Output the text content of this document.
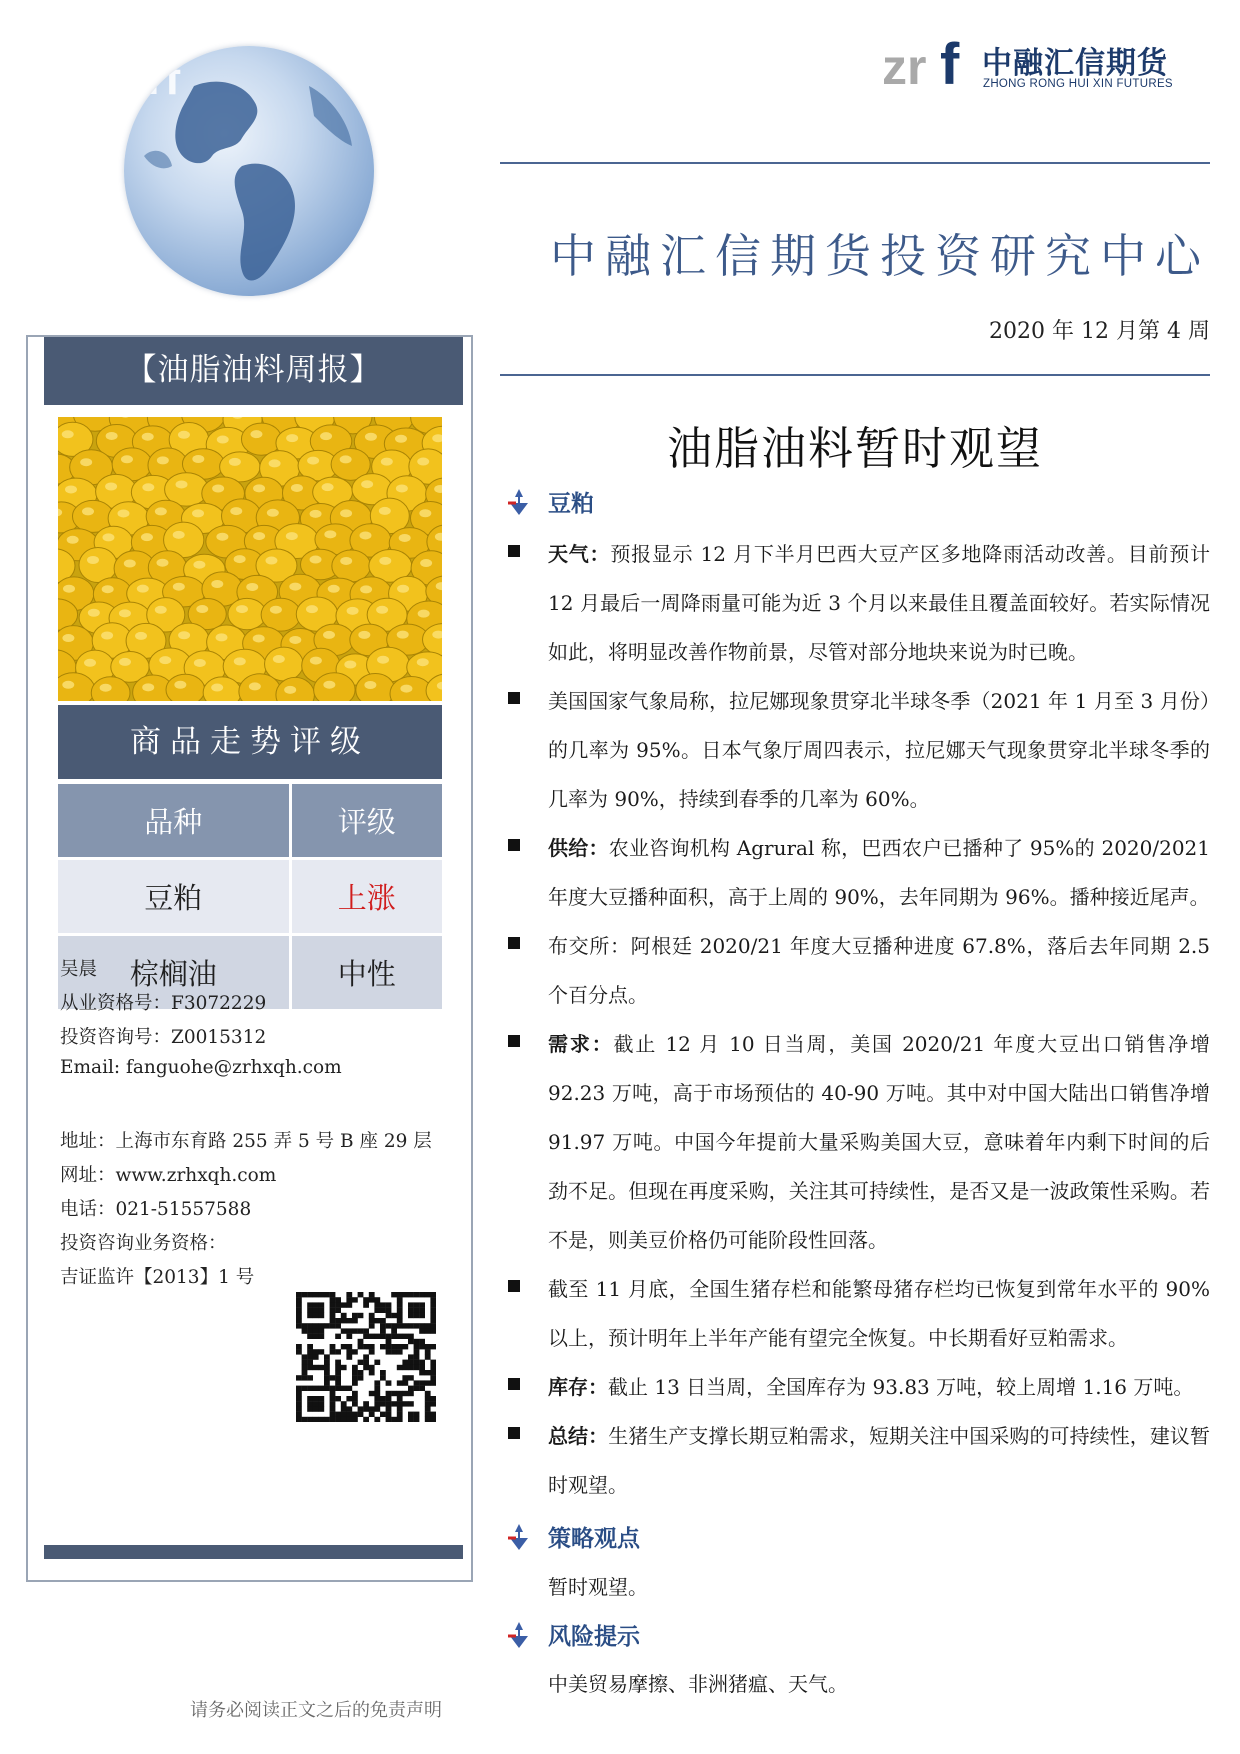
zrf	zr f 中融汇信期货
ZHONG RONG HUI XIN FUTURES
中融汇信期货投资研究中心
2020 年 12 月第 4 周
【油脂油料周报】
商品走势评级
品种	评级
豆粕	上涨
棕榈油	中性
吴晨
从业资格号：F3072229
投资咨询号：Z0015312
Email: fanguohe@zrhxqh.com
地址：上海市东育路 255 弄 5 号 B 座 29 层
网址：www.zrhxqh.com
电话：021-51557588
投资咨询业务资格：
吉证监许【2013】1 号
油脂油料暂时观望
豆粕
天气：预报显示 12 月下半月巴西大豆产区多地降雨活动改善。目前预计 12 月最后一周降雨量可能为近 3 个月以来最佳且覆盖面较好。若实际情况如此，将明显改善作物前景，尽管对部分地块来说为时已晚。
美国国家气象局称，拉尼娜现象贯穿北半球冬季（2021 年 1 月至 3 月份）的几率为 95%。日本气象厅周四表示，拉尼娜天气现象贯穿北半球冬季的几率为 90%，持续到春季的几率为 60%。
供给：农业咨询机构 Agrural 称，巴西农户已播种了 95%的 2020/2021 年度大豆播种面积，高于上周的 90%，去年同期为 96%。播种接近尾声。
布交所：阿根廷 2020/21 年度大豆播种进度 67.8%，落后去年同期 2.5 个百分点。
需求：截止 12 月 10 日当周，美国 2020/21 年度大豆出口销售净增 92.23 万吨，高于市场预估的 40-90 万吨。其中对中国大陆出口销售净增 91.97 万吨。中国今年提前大量采购美国大豆，意味着年内剩下时间的后劲不足。但现在再度采购，关注其可持续性，是否又是一波政策性采购。若不是，则美豆价格仍可能阶段性回落。
截至 11 月底，全国生猪存栏和能繁母猪存栏均已恢复到常年水平的 90%以上，预计明年上半年产能有望完全恢复。中长期看好豆粕需求。
库存：截止 13 日当周，全国库存为 93.83 万吨，较上周增 1.16 万吨。
总结：生猪生产支撑长期豆粕需求，短期关注中国采购的可持续性，建议暂时观望。
策略观点
暂时观望。
风险提示
中美贸易摩擦、非洲猪瘟、天气。
请务必阅读正文之后的免责声明
